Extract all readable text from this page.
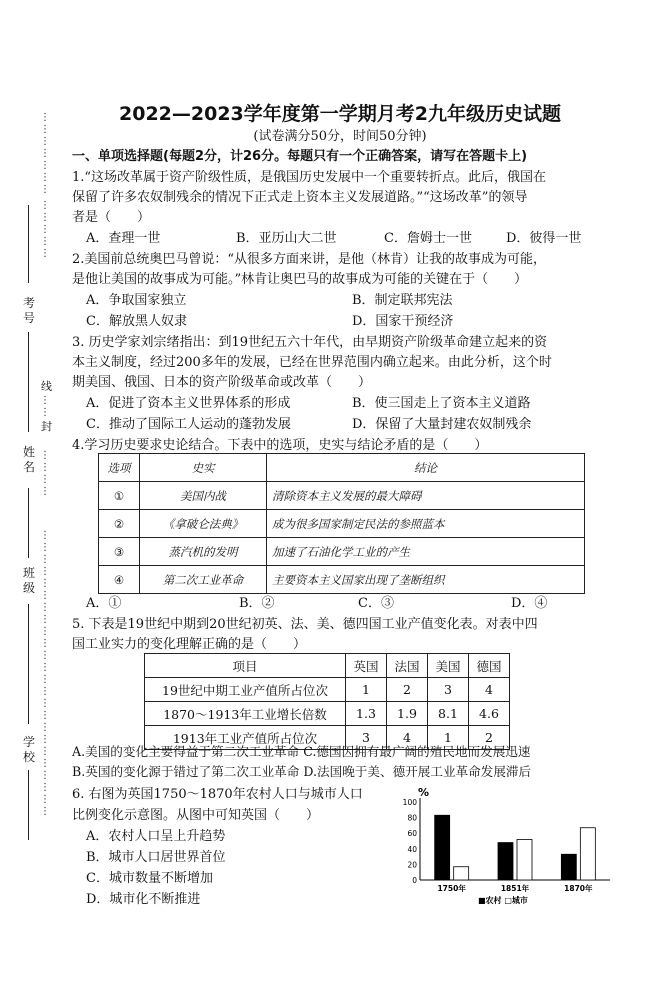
⋮
⋮
⋮
⋮
⋮
⋮
⋮
考号
⋮
⋮
⋮
⋮
⋮
线
⋮
⋮
封
姓名
⋮
⋮
⋮
⋮
⋮
⋮
⋮
⋮
⋮
⋮
⋮
⋮
⋮
⋮
⋮
⋮
⋮
⋮
⋮
⋮
⋮
⋮
⋮
⋮
⋮
⋮
⋮
⋮
班级
学校
2022—2023学年度第一学期月考2九年级历史试题
(试卷满分50分，时间50分钟)
一、单项选择题(每题2分，计26分。每题只有一个正确答案，请写在答题卡上)
1.“这场改革属于资产阶级性质，是俄国历史发展中一个重要转折点。此后，俄国在
保留了许多农奴制残余的情况下正式走上资本主义发展道路。”“这场改革”的领导
者是（　　）
A．查理一世	B．亚历山大二世	C．詹姆士一世	D．彼得一世
2.美国前总统奥巴马曾说：“从很多方面来讲，是他（林肯）让我的故事成为可能，
是他让美国的故事成为可能。”林肯让奥巴马的故事成为可能的关键在于（　　）
A．争取国家独立	B．制定联邦宪法
C．解放黑人奴隶	D．国家干预经济
3. 历史学家刘宗绪指出：到19世纪五六十年代，由早期资产阶级革命建立起来的资
本主义制度，经过200多年的发展，已经在世界范围内确立起来。由此分析，这个时
期美国、俄国、日本的资产阶级革命或改革（　　）
A．促进了资本主义世界体系的形成	B．使三国走上了资本主义道路
C．推动了国际工人运动的蓬勃发展	D．保留了大量封建农奴制残余
4.学习历史要求史论结合。下表中的选项，史实与结论矛盾的是（　　）
选项	史实	结论
①	美国内战	清除资本主义发展的最大障碍
②	《拿破仑法典》	成为很多国家制定民法的参照蓝本
③	蒸汽机的发明	加速了石油化学工业的产生
④	第二次工业革命	主要资本主义国家出现了垄断组织
A．①	B．②	C．③	D．④
5. 下表是19世纪中期到20世纪初英、法、美、德四国工业产值变化表。对表中四
国工业实力的变化理解正确的是（　　）
项目	英国	法国	美国	德国
19世纪中期工业产值所占位次	1	2	3	4
1870～1913年工业增长倍数	1.3	1.9	8.1	4.6
1913年工业产值所占位次	3	4	1	2
A.美国的变化主要得益于第二次工业革命 C.德国因拥有最广阔的殖民地而发展迅速
B.英国的变化源于错过了第二次工业革命 D.法国晚于美、德开展工业革命发展滞后
6. 右图为英国1750～1870年农村人口与城市人口
比例变化示意图。从图中可知英国（　　）
A．农村人口呈上升趋势
B．城市人口居世界首位
C．城市数量不断增加
D．城市化不断推进
%
0
20
40
60
80
100
1750年	1851年	1870年
■农村 □城市
